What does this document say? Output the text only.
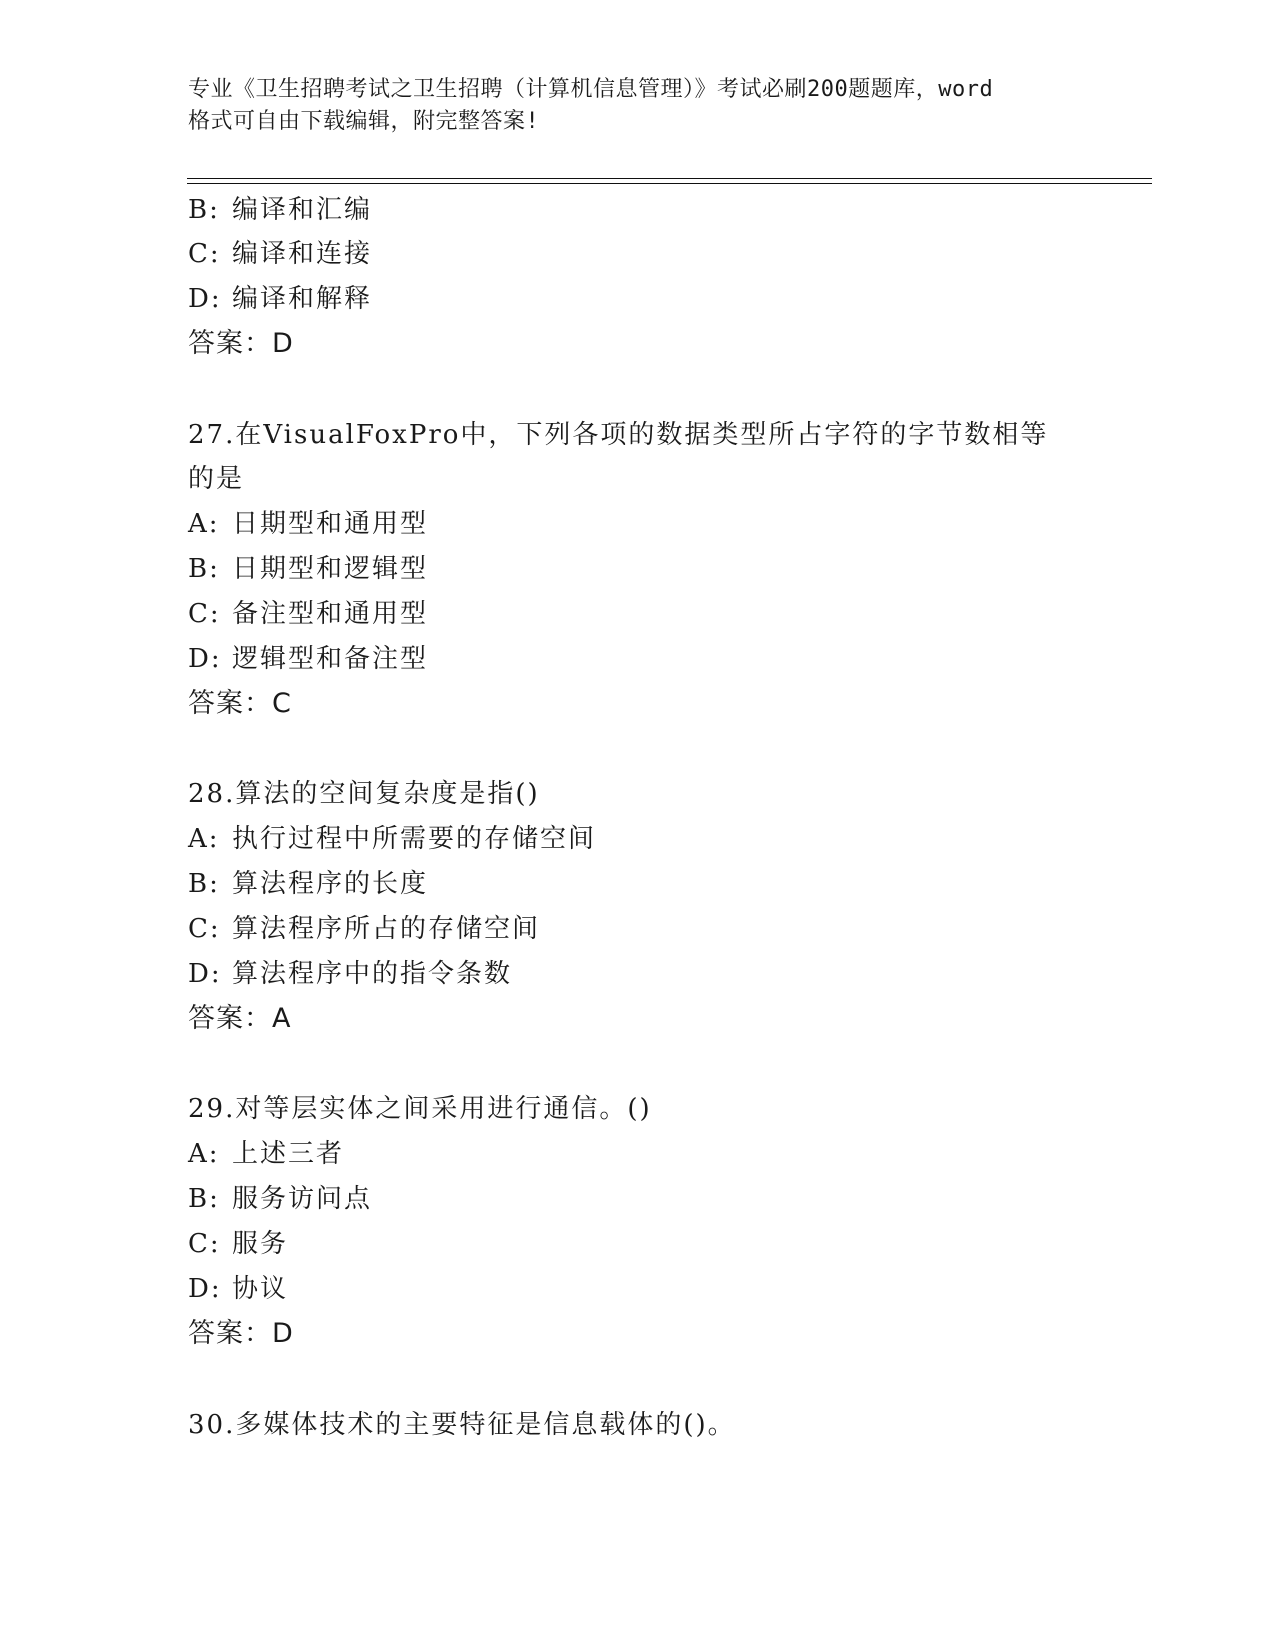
专业《卫生招聘考试之卫生招聘（计算机信息管理）》考试必刷200题题库，word
格式可自由下载编辑，附完整答案!
B: 编译和汇编
C: 编译和连接
D: 编译和解释
答案：D
27.在VisualFoxPro中，下列各项的数据类型所占字符的字节数相等
的是
A: 日期型和通用型
B: 日期型和逻辑型
C: 备注型和通用型
D: 逻辑型和备注型
答案：C
28.算法的空间复杂度是指()
A: 执行过程中所需要的存储空间
B: 算法程序的长度
C: 算法程序所占的存储空间
D: 算法程序中的指令条数
答案：A
29.对等层实体之间采用进行通信。()
A: 上述三者
B: 服务访问点
C: 服务
D: 协议
答案：D
30.多媒体技术的主要特征是信息载体的()。
